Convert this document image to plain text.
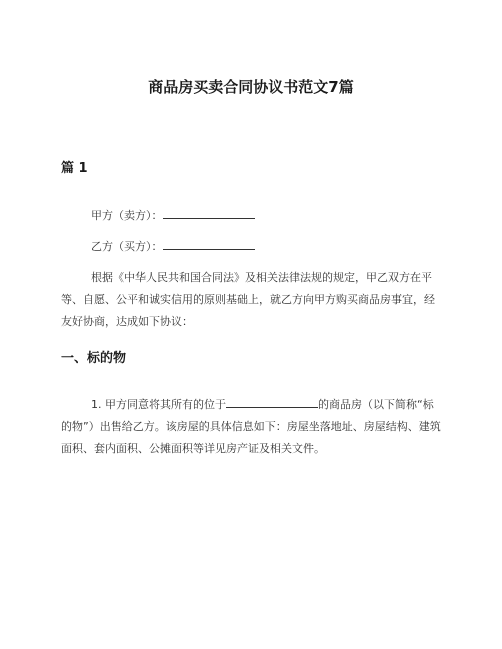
商品房买卖合同协议书范文7篇
篇 1

甲方（卖方）：

乙方（买方）：

根据《中华人民共和国合同法》及相关法律法规的规定，甲乙双方在平等、自愿、公平和诚实信用的原则基础上，就乙方向甲方购买商品房事宜，经友好协商，达成如下协议：

一、标的物

1. 甲方同意将其所有的位于	的商品房（以下简称“标的物”）出售给乙方。该房屋的具体信息如下：房屋坐落地址、房屋结构、建筑面积、套内面积、公摊面积等详见房产证及相关文件。
